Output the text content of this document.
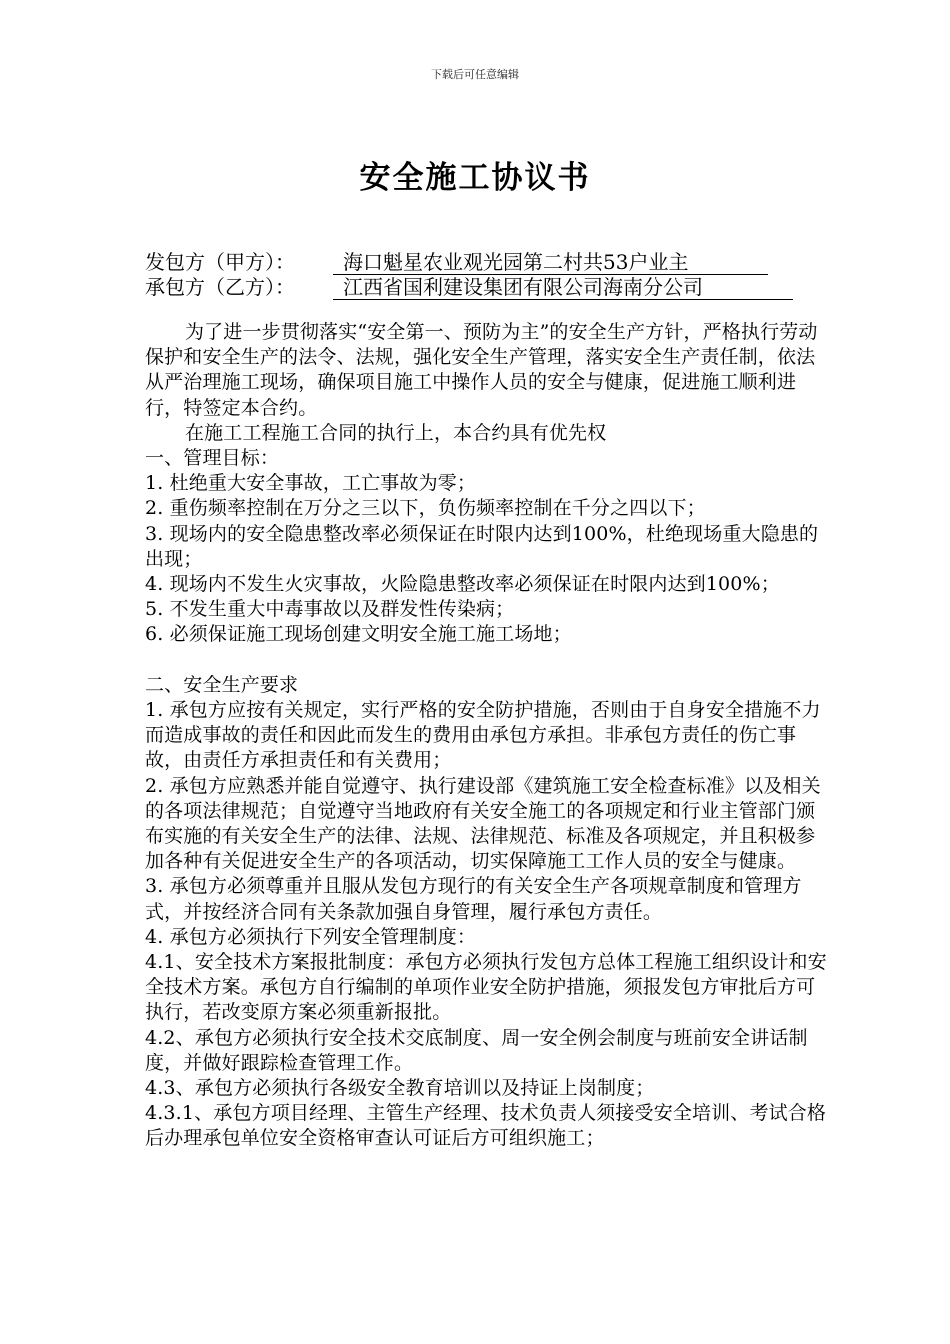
下载后可任意编辑
安全施工协议书
发包方（甲方）： 海口魁星农业观光园第二村共53户业主
承包方（乙方）： 江西省国利建设集团有限公司海南分公司

为了进一步贯彻落实“安全第一、预防为主”的安全生产方针，严格执行劳动保护和安全生产的法令、法规，强化安全生产管理，落实安全生产责任制，依法从严治理施工现场，确保项目施工中操作人员的安全与健康，促进施工顺利进行，特签定本合约。

在施工工程施工合同的执行上，本合约具有优先权

一、管理目标：

1. 杜绝重大安全事故，工亡事故为零；

2. 重伤频率控制在万分之三以下，负伤频率控制在千分之四以下；

3. 现场内的安全隐患整改率必须保证在时限内达到100%，杜绝现场重大隐患的出现；

4. 现场内不发生火灾事故，火险隐患整改率必须保证在时限内达到100%；

5. 不发生重大中毒事故以及群发性传染病；

6. 必须保证施工现场创建文明安全施工施工场地；

二、安全生产要求

1. 承包方应按有关规定，实行严格的安全防护措施，否则由于自身安全措施不力而造成事故的责任和因此而发生的费用由承包方承担。非承包方责任的伤亡事故，由责任方承担责任和有关费用；

2. 承包方应熟悉并能自觉遵守、执行建设部《建筑施工安全检查标准》以及相关的各项法律规范；自觉遵守当地政府有关安全施工的各项规定和行业主管部门颁布实施的有关安全生产的法律、法规、法律规范、标准及各项规定，并且积极参加各种有关促进安全生产的各项活动，切实保障施工工作人员的安全与健康。

3. 承包方必须尊重并且服从发包方现行的有关安全生产各项规章制度和管理方式，并按经济合同有关条款加强自身管理，履行承包方责任。

4. 承包方必须执行下列安全管理制度：

4.1、安全技术方案报批制度：承包方必须执行发包方总体工程施工组织设计和安全技术方案。承包方自行编制的单项作业安全防护措施，须报发包方审批后方可执行，若改变原方案必须重新报批。

4.2、承包方必须执行安全技术交底制度、周一安全例会制度与班前安全讲话制度，并做好跟踪检查管理工作。

4.3、承包方必须执行各级安全教育培训以及持证上岗制度；

4.3.1、承包方项目经理、主管生产经理、技术负责人须接受安全培训、考试合格后办理承包单位安全资格审查认可证后方可组织施工；
